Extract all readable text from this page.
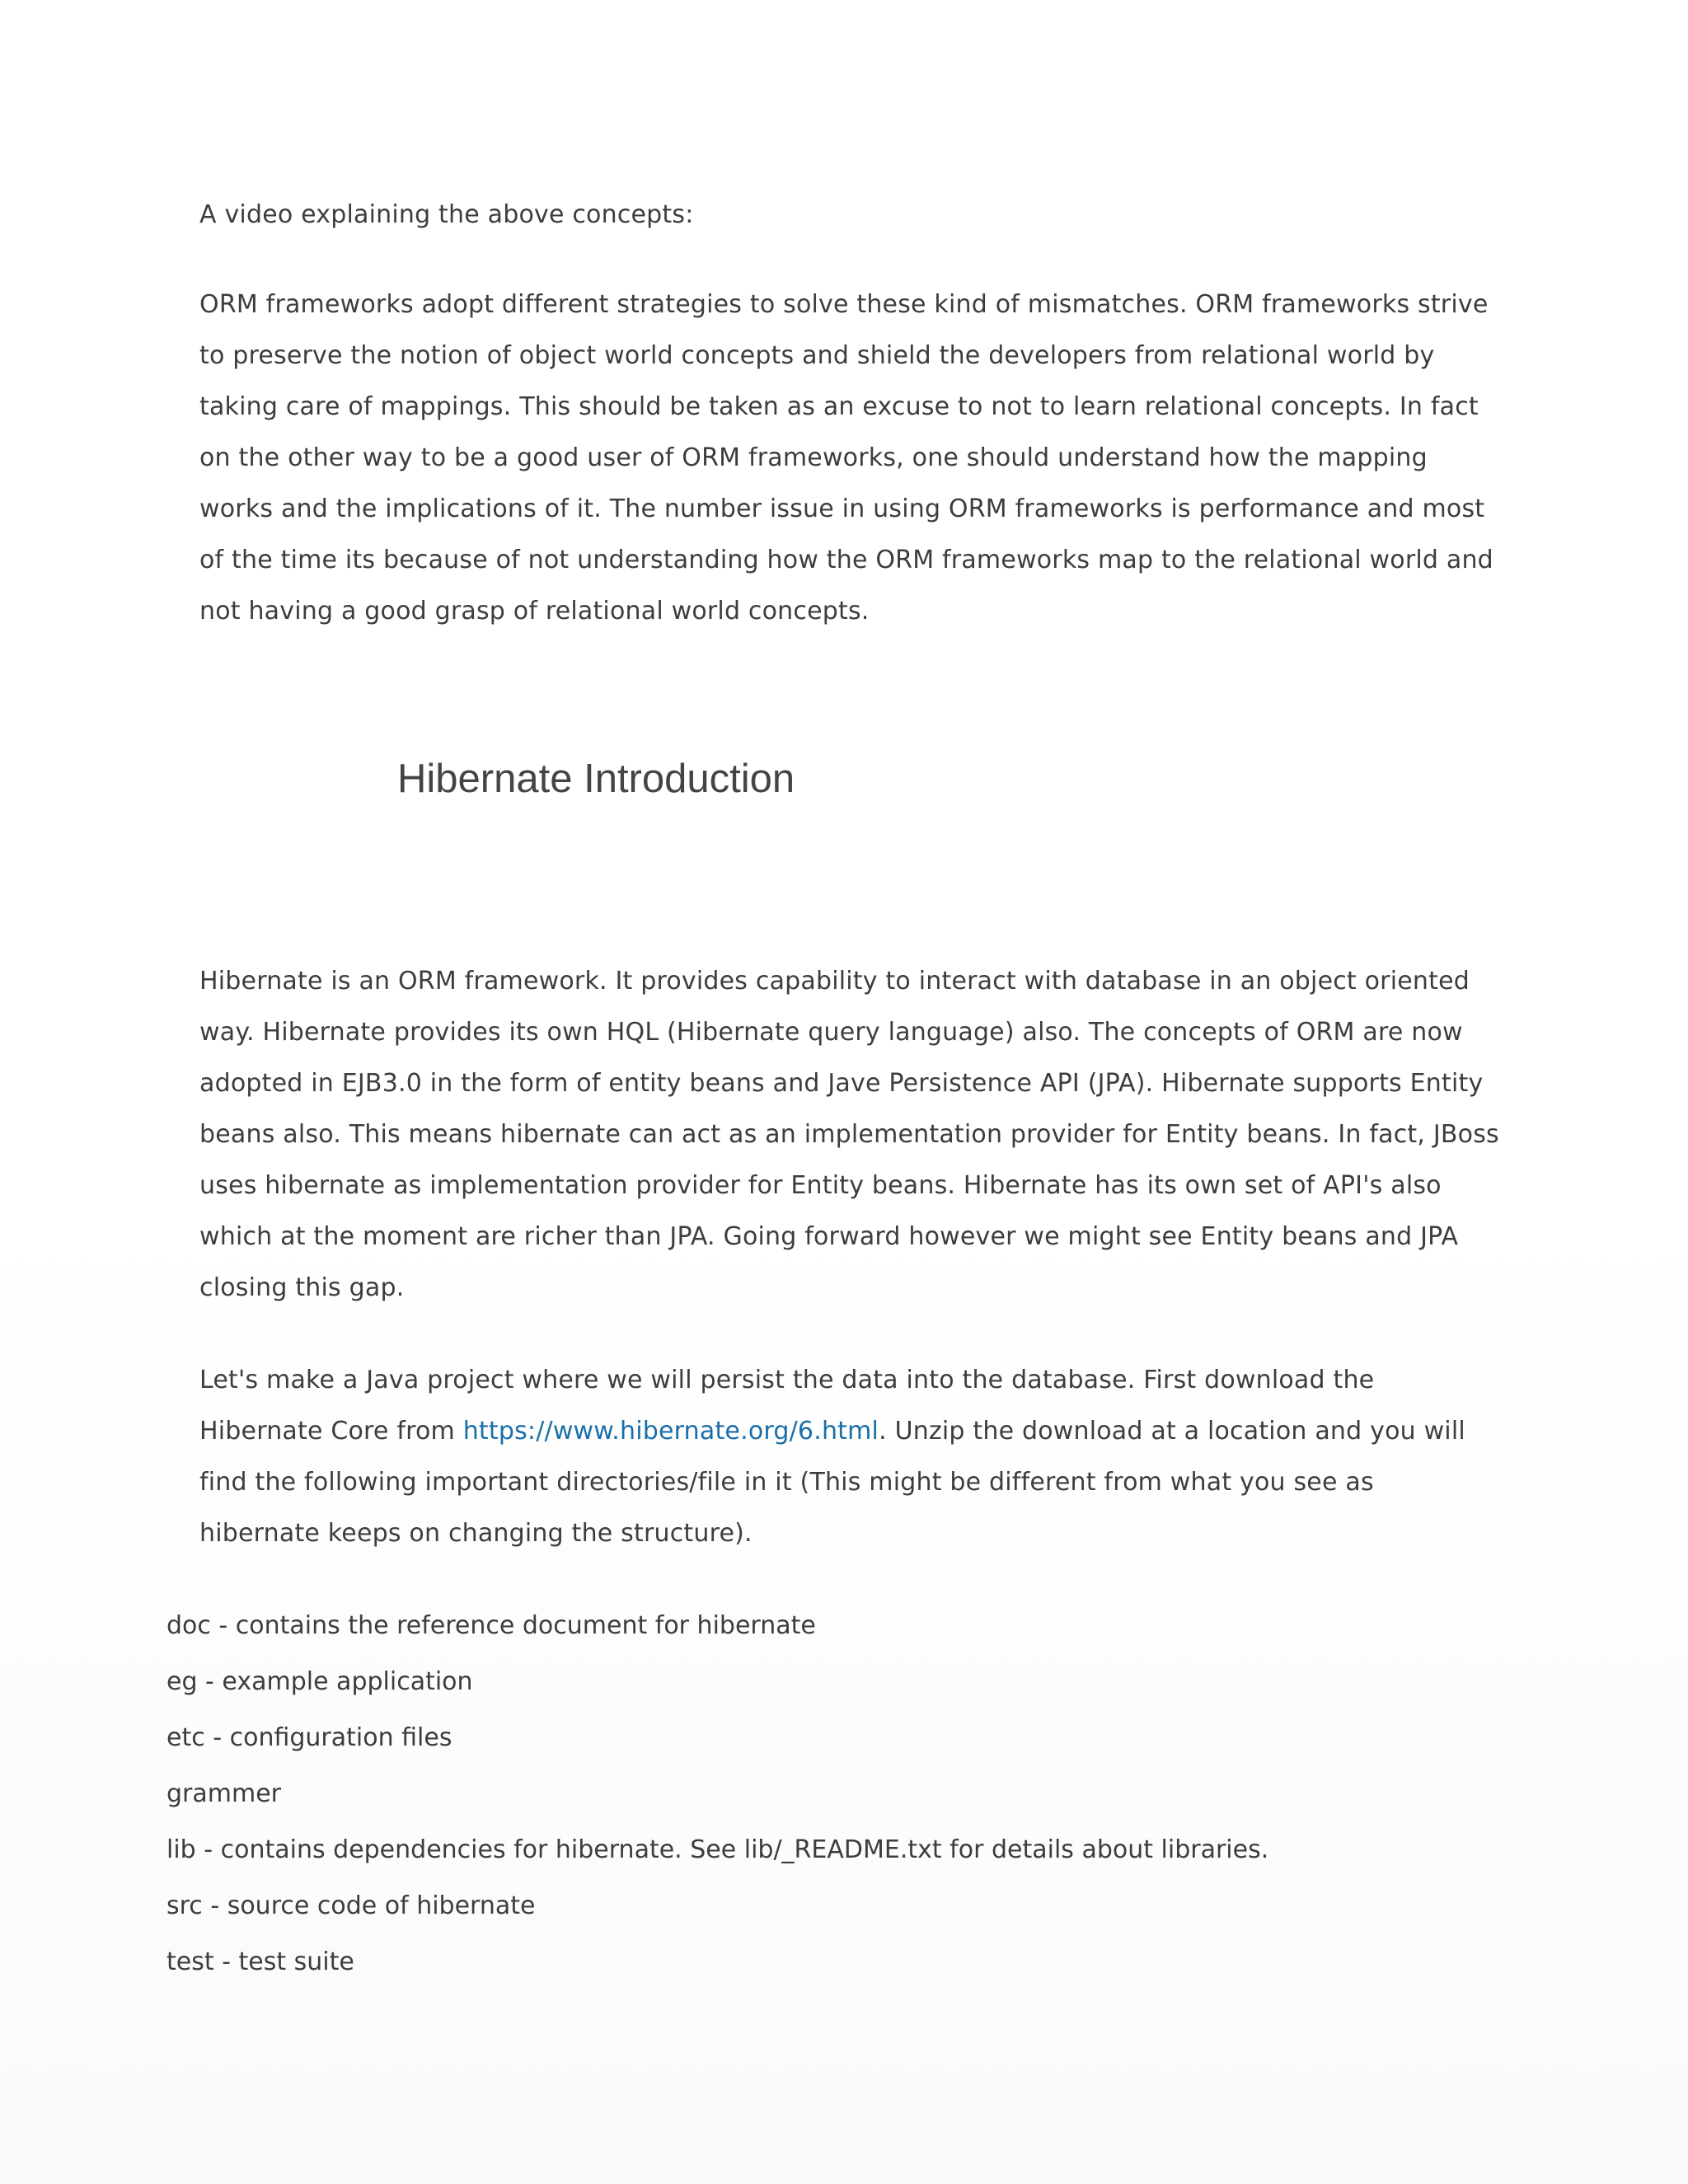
A video explaining the above concepts:

ORM frameworks adopt different strategies to solve these kind of mismatches. ORM frameworks strive to preserve the notion of object world concepts and shield the developers from relational world by taking care of mappings. This should be taken as an excuse to not to learn relational concepts. In fact on the other way to be a good user of ORM frameworks, one should understand how the mapping works and the implications of it. The number issue in using ORM frameworks is performance and most of the time its because of not understanding how the ORM frameworks map to the relational world and not having a good grasp of relational world concepts.

Hibernate Introduction

Hibernate is an ORM framework. It provides capability to interact with database in an object oriented way. Hibernate provides its own HQL (Hibernate query language) also. The concepts of ORM are now adopted in EJB3.0 in the form of entity beans and Jave Persistence API (JPA). Hibernate supports Entity beans also. This means hibernate can act as an implementation provider for Entity beans. In fact, JBoss uses hibernate as implementation provider for Entity beans. Hibernate has its own set of API's also which at the moment are richer than JPA. Going forward however we might see Entity beans and JPA closing this gap.

Let's make a Java project where we will persist the data into the database. First download the Hibernate Core from https://www.hibernate.org/6.html. Unzip the download at a location and you will find the following important directories/file in it (This might be different from what you see as hibernate keeps on changing the structure).

doc - contains the reference document for hibernate
eg - example application
etc - configuration files
grammer
lib - contains dependencies for hibernate. See lib/_README.txt for details about libraries.
src - source code of hibernate
test - test suite
